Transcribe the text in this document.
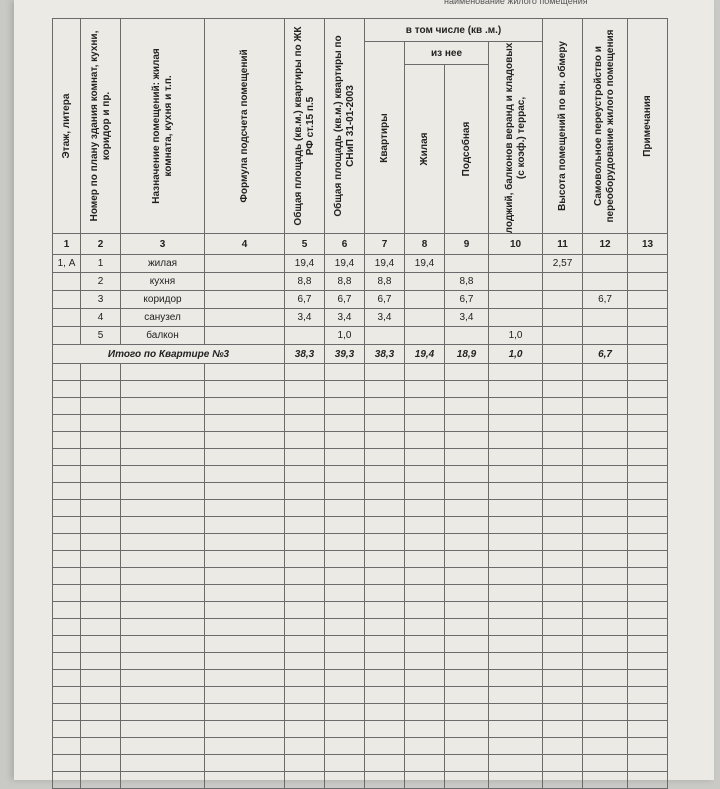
наименование жилого помещения
Этаж, литера	Номер по плану здания комнат, кухни, коридор и пр.	Назначение помещений: жилая комната, кухня и т.п.	Формула подсчета помещений	Общая площадь (кв.м.) квартиры по ЖК РФ ст.15 п.5	Общая площадь (кв.м.) квартиры по СНиП 31-01-2003	в том числе (кв .м.)				Высота помещений по вн. обмеру	Самовольное переустройство и переоборудование жилого помещения	Примечания

						Квартиры	из нее		лоджий, балконов веранд и кладовых (с коэф.) террас,			

							Жилая	Подсобная				

1	2	3	4	5	6	7	8	9	10	11	12	13
1, А	1	жилая		19,4	19,4	19,4	19,4			2,57		
	2	кухня		8,8	8,8	8,8		8,8				
	3	коридор		6,7	6,7	6,7		6,7			6,7	
	4	санузел		3,4	3,4	3,4		3,4				
	5	балкон			1,0				1,0			
Итого по Квартире №3				38,3	39,3	38,3	19,4	18,9	1,0		6,7	
